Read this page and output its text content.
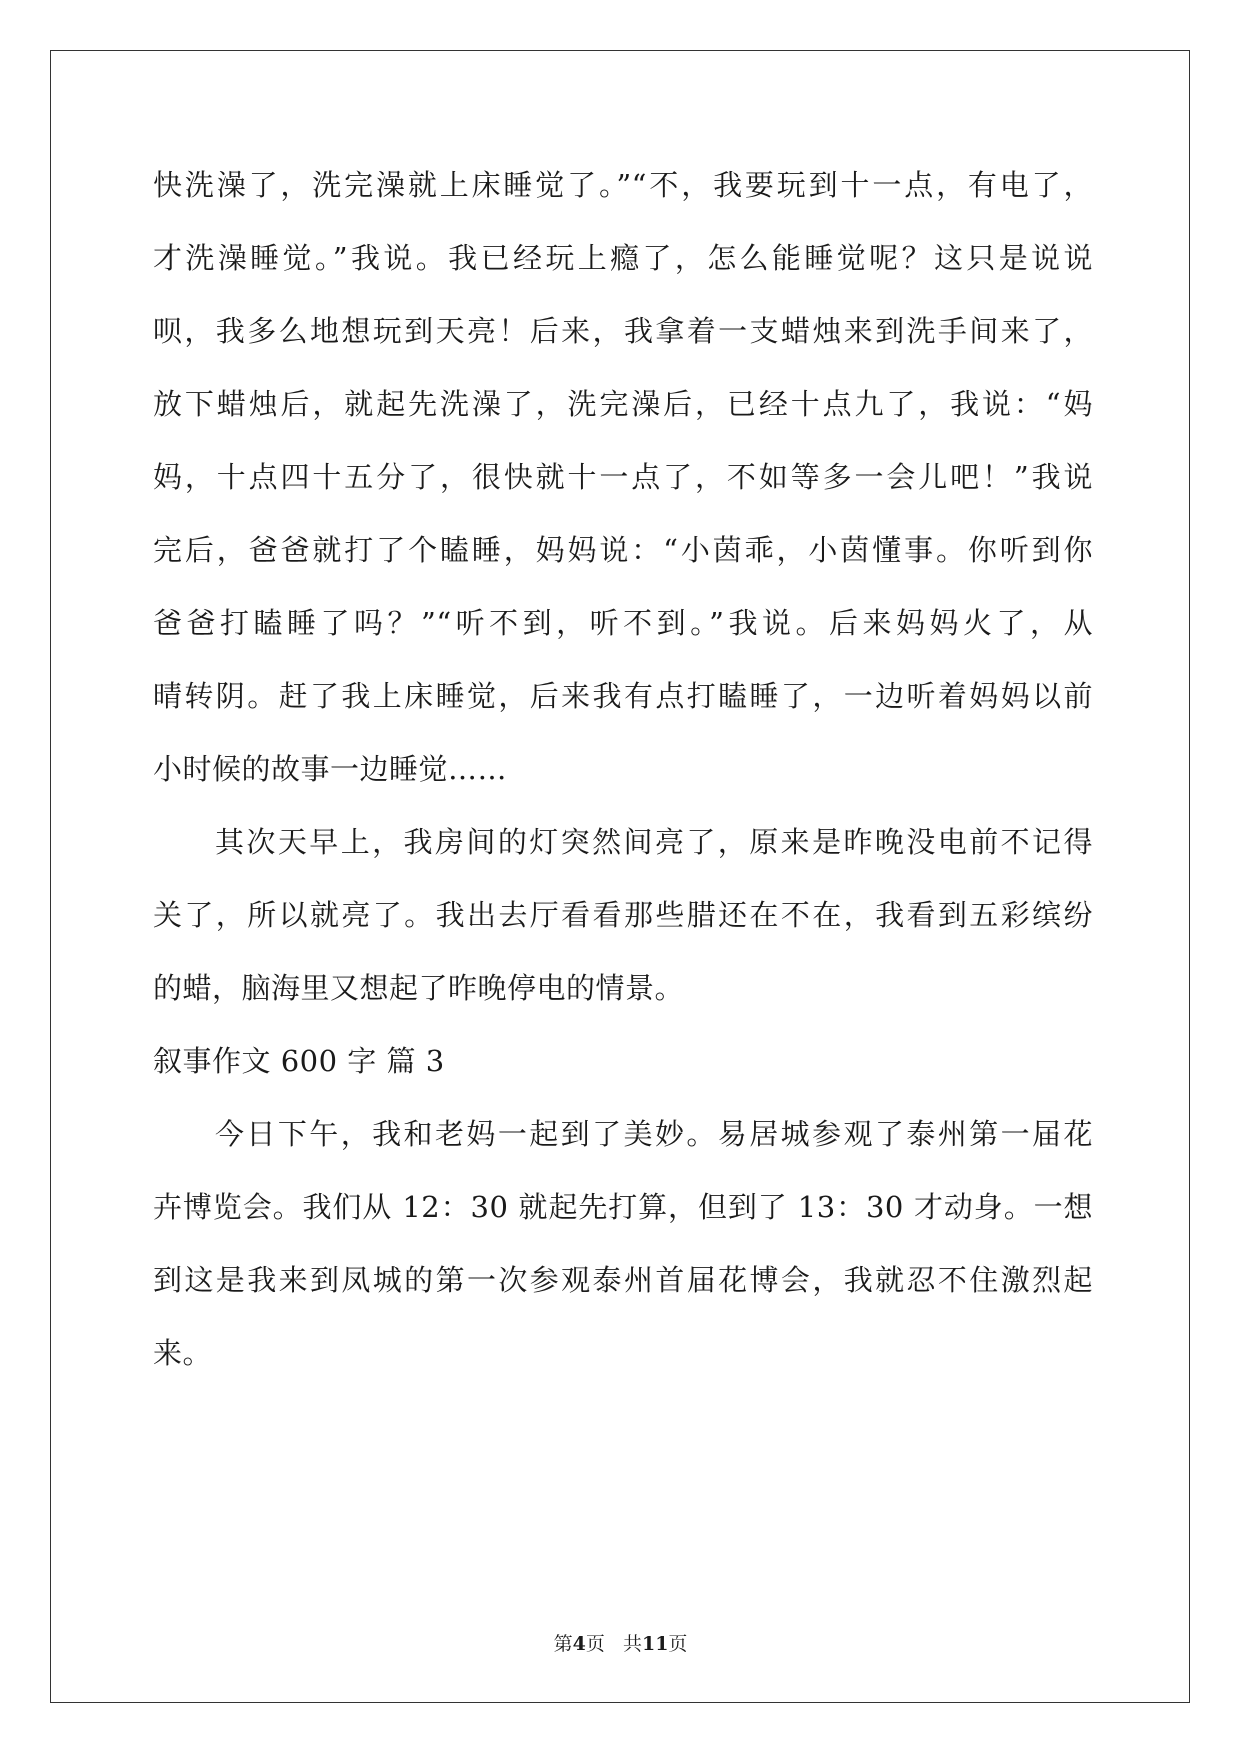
快洗澡了，洗完澡就上床睡觉了。”“不，我要玩到十一点，有电了，
才洗澡睡觉。”我说。我已经玩上瘾了，怎么能睡觉呢？这只是说说
呗，我多么地想玩到天亮！后来，我拿着一支蜡烛来到洗手间来了，
放下蜡烛后，就起先洗澡了，洗完澡后，已经十点九了，我说：“妈
妈，十点四十五分了，很快就十一点了，不如等多一会儿吧！”我说
完后，爸爸就打了个瞌睡，妈妈说：“小茵乖，小茵懂事。你听到你
爸爸打瞌睡了吗？”“听不到，听不到。”我说。后来妈妈火了，从
晴转阴。赶了我上床睡觉，后来我有点打瞌睡了，一边听着妈妈以前
小时候的故事一边睡觉……
其次天早上，我房间的灯突然间亮了，原来是昨晚没电前不记得
关了，所以就亮了。我出去厅看看那些腊还在不在，我看到五彩缤纷
的蜡，脑海里又想起了昨晚停电的情景。
叙事作文 600 字 篇 3
今日下午，我和老妈一起到了美妙。易居城参观了泰州第一届花
卉博览会。我们从 12：30 就起先打算，但到了 13：30 才动身。一想
到这是我来到凤城的第一次参观泰州首届花博会，我就忍不住激烈起
来。
第4页 共11页
